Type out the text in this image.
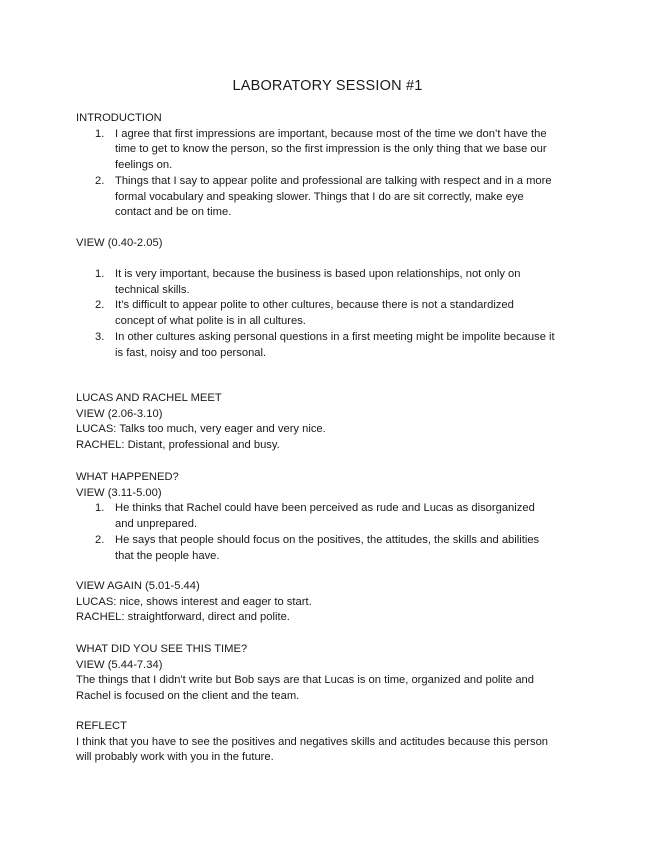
LABORATORY SESSION #1
INTRODUCTION
1. I agree that first impressions are important, because most of the time we don’t have the
time to get to know the person, so the first impression is the only thing that we base our
feelings on.
2. Things that I say to appear polite and professional are talking with respect and in a more
formal vocabulary and speaking slower. Things that I do are sit correctly, make eye
contact and be on time.
VIEW (0.40-2.05)
1. It is very important, because the business is based upon relationships, not only on
technical skills.
2. It’s difficult to appear polite to other cultures, because there is not a standardized
concept of what polite is in all cultures.
3. In other cultures asking personal questions in a first meeting might be impolite because it
is fast, noisy and too personal.
LUCAS AND RACHEL MEET
VIEW (2.06-3.10)
LUCAS: Talks too much, very eager and very nice.
RACHEL: Distant, professional and busy.
WHAT HAPPENED?
VIEW (3.11-5.00)
1. He thinks that Rachel could have been perceived as rude and Lucas as disorganized
and unprepared.
2. He says that people should focus on the positives, the attitudes, the skills and abilities
that the people have.
VIEW AGAIN (5.01-5.44)
LUCAS: nice, shows interest and eager to start.
RACHEL: straightforward, direct and polite.
WHAT DID YOU SEE THIS TIME?
VIEW (5.44-7.34)
The things that I didn't write but Bob says are that Lucas is on time, organized and polite and
Rachel is focused on the client and the team.
REFLECT
I think that you have to see the positives and negatives skills and actitudes because this person
will probably work with you in the future.
